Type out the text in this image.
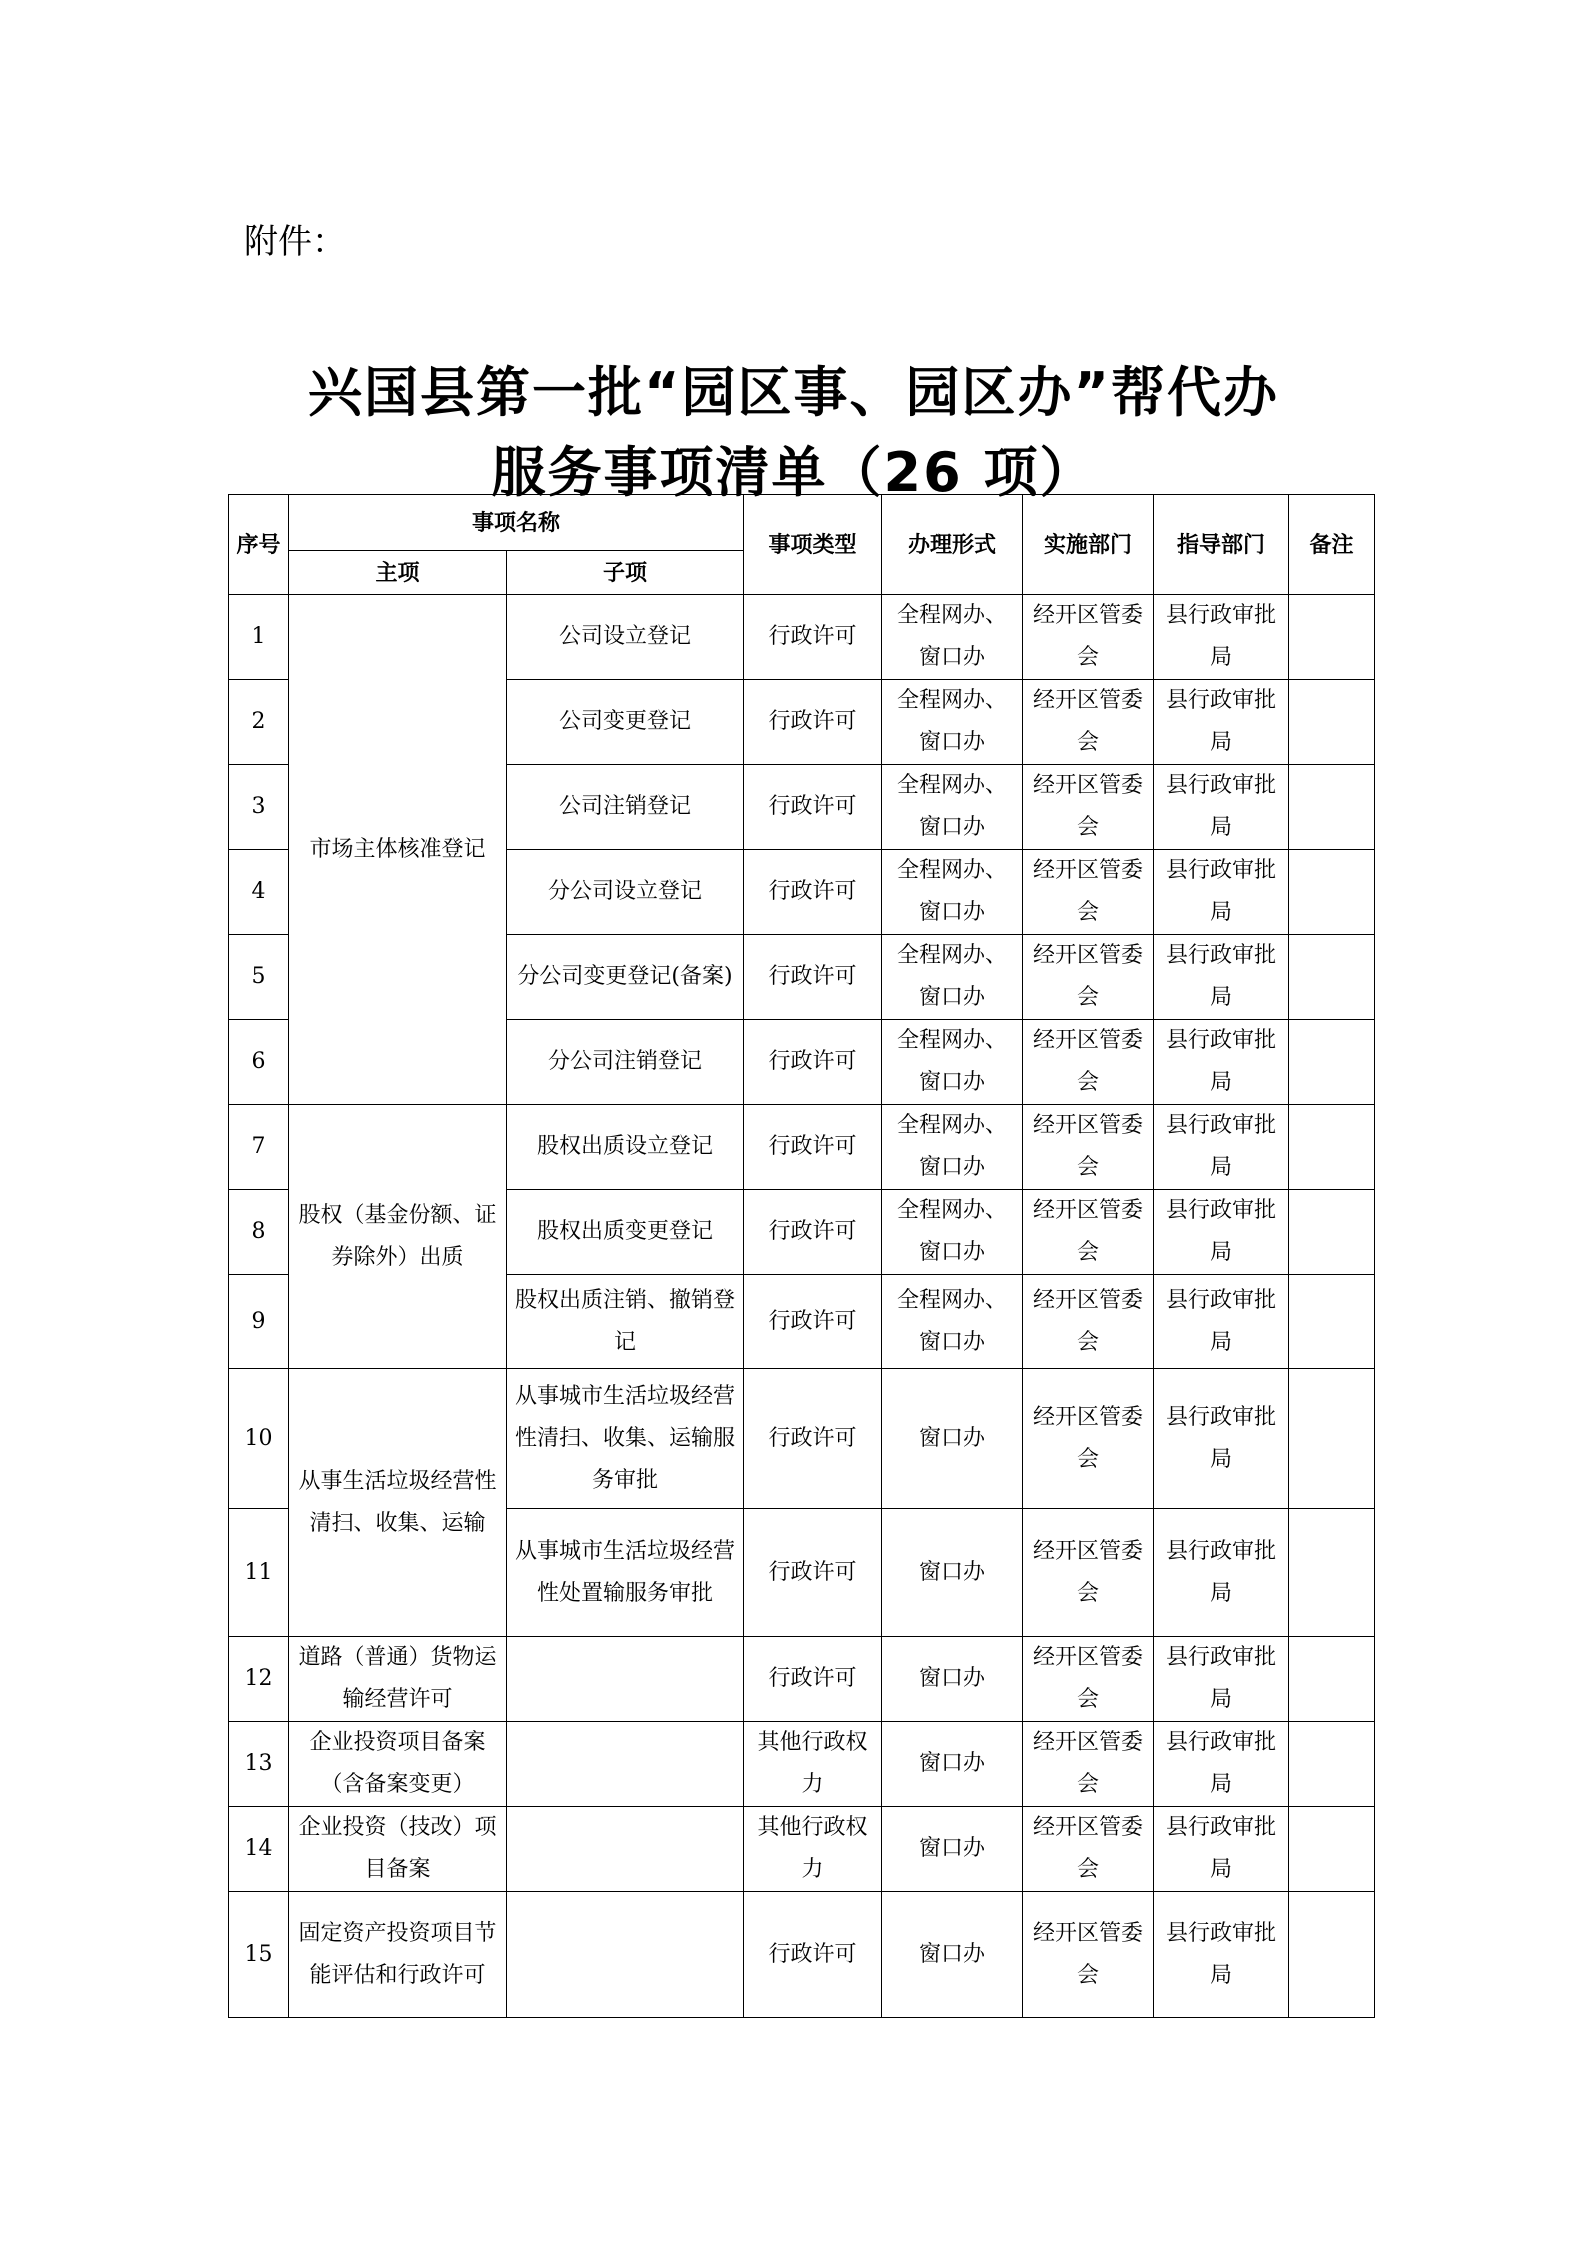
附件：
兴国县第一批“园区事、园区办”帮代办
服务事项清单（26 项）
序号	事项名称		事项类型	办理形式	实施部门	指导部门	备注
	主项	子项					
1	市场主体核准登记	公司设立登记	行政许可	全程网办、窗口办	经开区管委会	县行政审批局	
2		公司变更登记	行政许可	全程网办、窗口办	经开区管委会	县行政审批局	
3		公司注销登记	行政许可	全程网办、窗口办	经开区管委会	县行政审批局	
4		分公司设立登记	行政许可	全程网办、窗口办	经开区管委会	县行政审批局	
5		分公司变更登记(备案)	行政许可	全程网办、窗口办	经开区管委会	县行政审批局	
6		分公司注销登记	行政许可	全程网办、窗口办	经开区管委会	县行政审批局	
7	股权（基金份额、证券除外）出质	股权出质设立登记	行政许可	全程网办、窗口办	经开区管委会	县行政审批局	
8		股权出质变更登记	行政许可	全程网办、窗口办	经开区管委会	县行政审批局	
9		股权出质注销、撤销登记	行政许可	全程网办、窗口办	经开区管委会	县行政审批局	
10	从事生活垃圾经营性清扫、收集、运输	从事城市生活垃圾经营性清扫、收集、运输服务审批	行政许可	窗口办	经开区管委会	县行政审批局	
11		从事城市生活垃圾经营性处置输服务审批	行政许可	窗口办	经开区管委会	县行政审批局	
12	道路（普通）货物运输经营许可		行政许可	窗口办	经开区管委会	县行政审批局	
13	企业投资项目备案（含备案变更）		其他行政权力	窗口办	经开区管委会	县行政审批局	
14	企业投资（技改）项目备案		其他行政权力	窗口办	经开区管委会	县行政审批局	
15	固定资产投资项目节能评估和行政许可		行政许可	窗口办	经开区管委会	县行政审批局	
